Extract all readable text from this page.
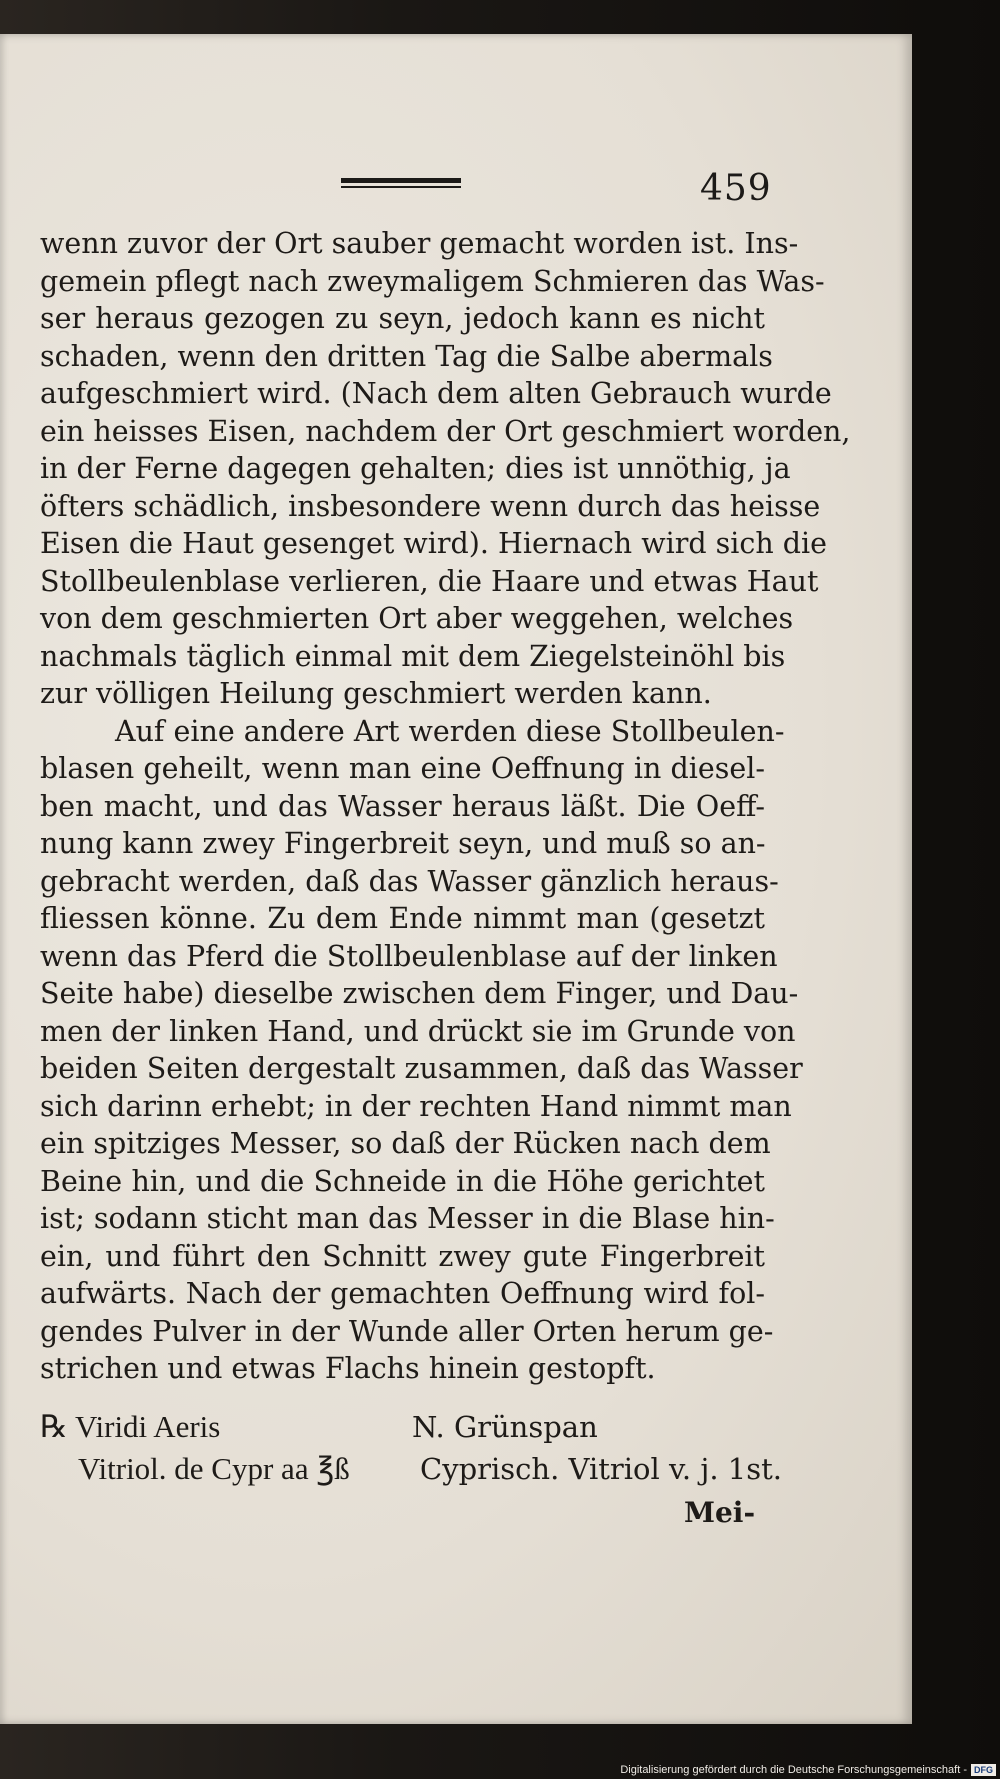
459
wenn zuvor der Ort sauber gemacht worden ist. Ins-
gemein pflegt nach zweymaligem Schmieren das Was-
ser heraus gezogen zu seyn, jedoch kann es nicht
schaden, wenn den dritten Tag die Salbe abermals
aufgeschmiert wird. (Nach dem alten Gebrauch wurde
ein heisses Eisen, nachdem der Ort geschmiert worden,
in der Ferne dagegen gehalten; dies ist unnöthig, ja
öfters schädlich, insbesondere wenn durch das heisse
Eisen die Haut gesenget wird). Hiernach wird sich die
Stollbeulenblase verlieren, die Haare und etwas Haut
von dem geschmierten Ort aber weggehen, welches
nachmals täglich einmal mit dem Ziegelsteinöhl bis
zur völligen Heilung geschmiert werden kann.
Auf eine andere Art werden diese Stollbeulen-
blasen geheilt, wenn man eine Oeffnung in diesel-
ben macht, und das Wasser heraus läßt. Die Oeff-
nung kann zwey Fingerbreit seyn, und muß so an-
gebracht werden, daß das Wasser gänzlich heraus-
fliessen könne. Zu dem Ende nimmt man (gesetzt
wenn das Pferd die Stollbeulenblase auf der linken
Seite habe) dieselbe zwischen dem Finger, und Dau-
men der linken Hand, und drückt sie im Grunde von
beiden Seiten dergestalt zusammen, daß das Wasser
sich darinn erhebt; in der rechten Hand nimmt man
ein spitziges Messer, so daß der Rücken nach dem
Beine hin, und die Schneide in die Höhe gerichtet
ist; sodann sticht man das Messer in die Blase hin-
ein, und führt den Schnitt zwey gute Fingerbreit
aufwärts. Nach der gemachten Oeffnung wird fol-
gendes Pulver in der Wunde aller Orten herum ge-
strichen und etwas Flachs hinein gestopft.
℞ Viridi Aeris	N. Grünspan
Vitriol. de Cypr aa ℥ß Cyprisch. Vitriol v. j. 1st.
Mei-
Digitalisierung gefördert durch die Deutsche Forschungsgemeinschaft - DFG
